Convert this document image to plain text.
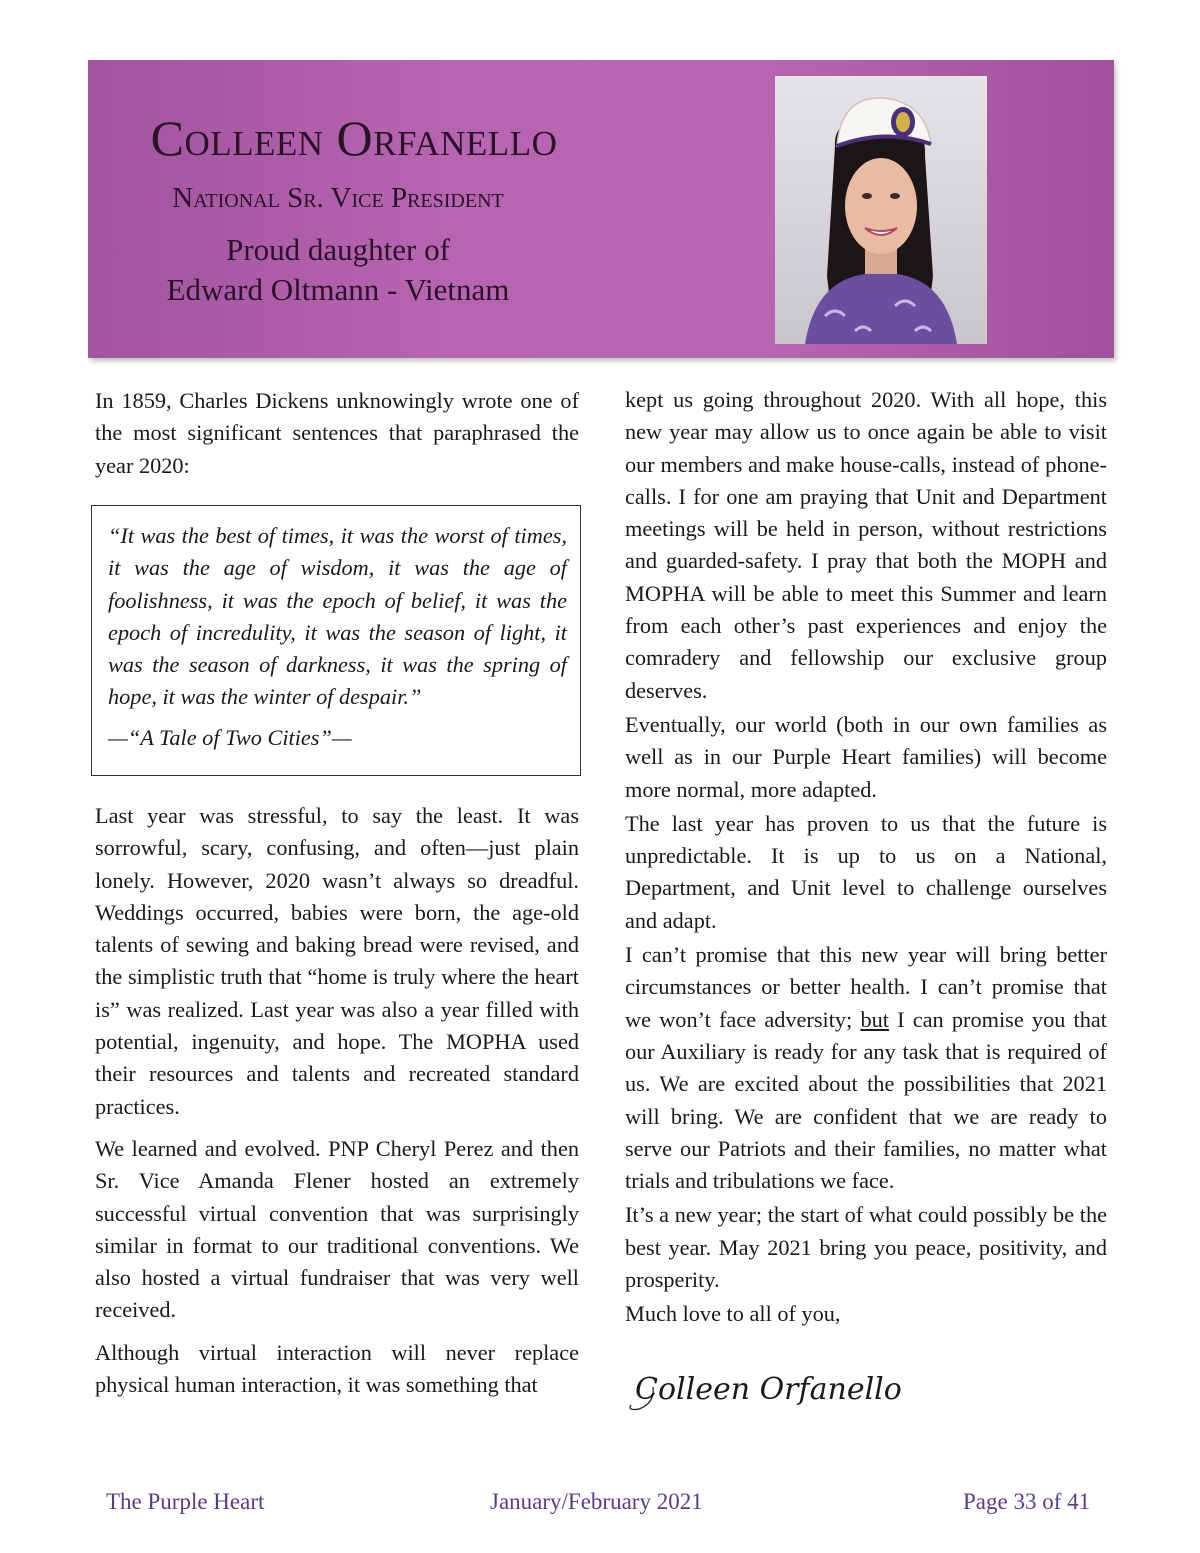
Colleen Orfanello
National Sr. Vice President
Proud daughter of
Edward Oltmann - Vietnam

In 1859, Charles Dickens unknowingly wrote one of the most significant sentences that paraphrased the year 2020:

“It was the best of times, it was the worst of times, it was the age of wisdom, it was the age of foolishness, it was the epoch of belief, it was the epoch of incredulity, it was the season of light, it was the season of darkness, it was the spring of hope, it was the winter of despair.”
—“A Tale of Two Cities”—

Last year was stressful, to say the least. It was sorrowful, scary, confusing, and often—just plain lonely. However, 2020 wasn’t always so dreadful. Weddings occurred, babies were born, the age-old talents of sewing and baking bread were revised, and the simplistic truth that “home is truly where the heart is” was realized. Last year was also a year filled with potential, ingenuity, and hope. The MOPHA used their resources and talents and recreated standard practices.

We learned and evolved. PNP Cheryl Perez and then Sr. Vice Amanda Flener hosted an extremely successful virtual convention that was surprisingly similar in format to our traditional conventions. We also hosted a virtual fundraiser that was very well received.

Although virtual interaction will never replace physical human interaction, it was something that

kept us going throughout 2020. With all hope, this new year may allow us to once again be able to visit our members and make house-calls, instead of phone-calls. I for one am praying that Unit and Department meetings will be held in person, without restrictions and guarded-safety. I pray that both the MOPH and MOPHA will be able to meet this Summer and learn from each other’s past experiences and enjoy the comradery and fellowship our exclusive group deserves.

Eventually, our world (both in our own families as well as in our Purple Heart families) will become more normal, more adapted.

The last year has proven to us that the future is unpredictable. It is up to us on a National, Department, and Unit level to challenge ourselves and adapt.

I can’t promise that this new year will bring better circumstances or better health. I can’t promise that we won’t face adversity; but I can promise you that our Auxiliary is ready for any task that is required of us. We are excited about the possibilities that 2021 will bring. We are confident that we are ready to serve our Patriots and their families, no matter what trials and tribulations we face.

It’s a new year; the start of what could possibly be the best year. May 2021 bring you peace, positivity, and prosperity.

Much love to all of you,

Colleen Orfanello
The Purple Heart	January/February 2021	Page 33 of 41
